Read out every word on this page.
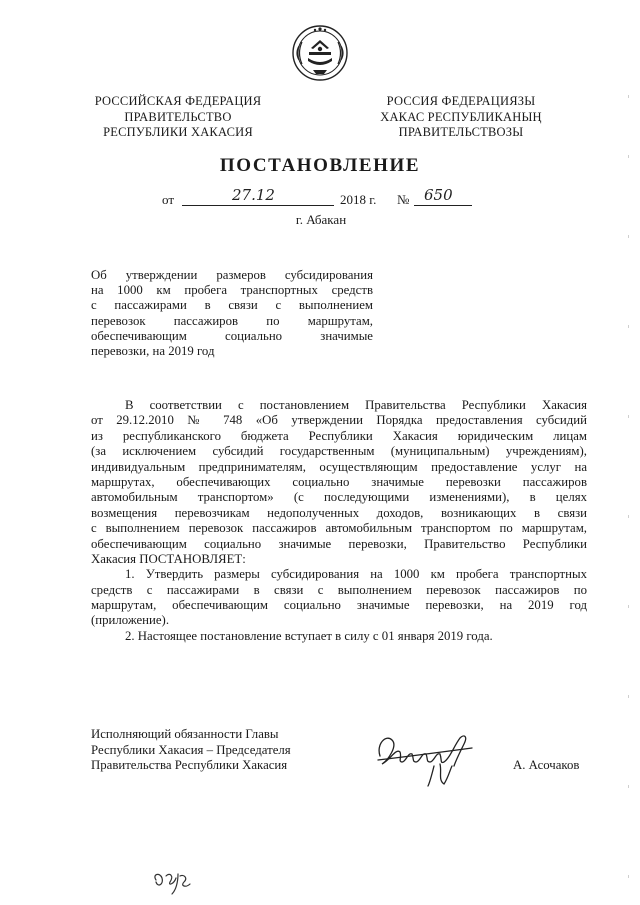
РОССИЙСКАЯ ФЕДЕРАЦИЯ
ПРАВИТЕЛЬСТВО
РЕСПУБЛИКИ ХАКАСИЯ
РОССИЯ ФЕДЕРАЦИЯЗЫ
ХАКАС РЕСПУБЛИКАНЫҢ
ПРАВИТЕЛЬСТВОЗЫ
ПОСТАНОВЛЕНИЕ
от	27.12	2018 г. № 650
г. Абакан
Об утверждении размеров субсидирования
на 1000 км пробега транспортных средств
с пассажирами в связи с выполнением
перевозок пассажиров по маршрутам,
обеспечивающим социально значимые
перевозки, на 2019 год
В соответствии с постановлением Правительства Республики Хакасия
от 29.12.2010 № 748 «Об утверждении Порядка предоставления субсидий
из республиканского бюджета Республики Хакасия юридическим лицам
(за исключением субсидий государственным (муниципальным) учреждениям),
индивидуальным предпринимателям, осуществляющим предоставление услуг на
маршрутах, обеспечивающих социально значимые перевозки пассажиров
автомобильным транспортом» (с последующими изменениями), в целях
возмещения перевозчикам недополученных доходов, возникающих в связи
с выполнением перевозок пассажиров автомобильным транспортом по маршрутам,
обеспечивающим социально значимые перевозки, Правительство Республики
Хакасия ПОСТАНОВЛЯЕТ:
1. Утвердить размеры субсидирования на 1000 км пробега транспортных
средств с пассажирами в связи с выполнением перевозок пассажиров по
маршрутам, обеспечивающим социально значимые перевозки, на 2019 год
(приложение).
2. Настоящее постановление вступает в силу с 01 января 2019 года.
Исполняющий обязанности Главы
Республики Хакасия – Председателя
Правительства Республики Хакасия	А. Асочаков
